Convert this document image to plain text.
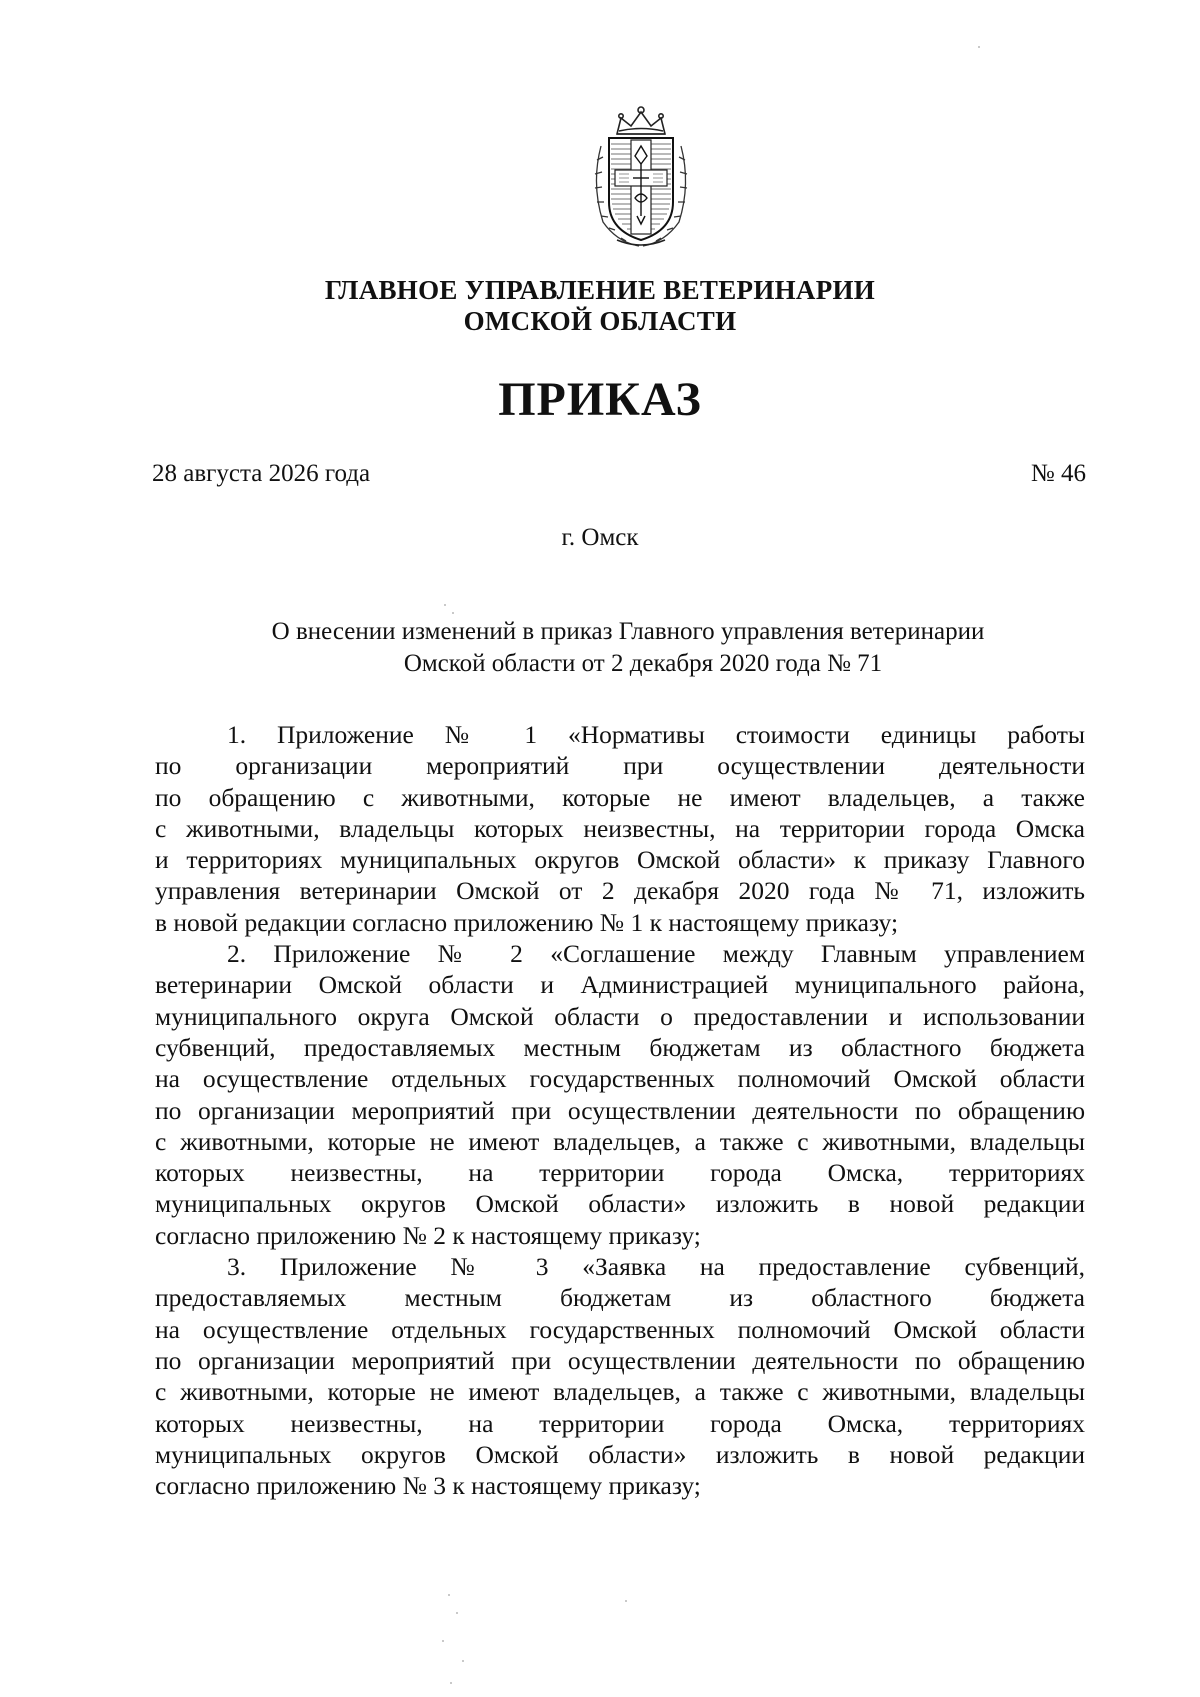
ГЛАВНОЕ УПРАВЛЕНИЕ ВЕТЕРИНАРИИ
ОМСКОЙ ОБЛАСТИ
ПРИКАЗ
28 августа 2026 года	№ 46
г. Омск
О внесении изменений в приказ Главного управления ветеринарии
Омской области от 2 декабря 2020 года № 71
1. Приложение № 1 «Нормативы стоимости единицы работы
по организации мероприятий при осуществлении деятельности
по обращению с животными, которые не имеют владельцев, а также
с животными, владельцы которых неизвестны, на территории города Омска
и территориях муниципальных округов Омской области» к приказу Главного
управления ветеринарии Омской от 2 декабря 2020 года № 71, изложить
в новой редакции согласно приложению № 1 к настоящему приказу;
2. Приложение № 2 «Соглашение между Главным управлением
ветеринарии Омской области и Администрацией муниципального района,
муниципального округа Омской области о предоставлении и использовании
субвенций, предоставляемых местным бюджетам из областного бюджета
на осуществление отдельных государственных полномочий Омской области
по организации мероприятий при осуществлении деятельности по обращению
с животными, которые не имеют владельцев, а также с животными, владельцы
которых неизвестны, на территории города Омска, территориях
муниципальных округов Омской области» изложить в новой редакции
согласно приложению № 2 к настоящему приказу;
3. Приложение № 3 «Заявка на предоставление субвенций,
предоставляемых местным бюджетам из областного бюджета
на осуществление отдельных государственных полномочий Омской области
по организации мероприятий при осуществлении деятельности по обращению
с животными, которые не имеют владельцев, а также с животными, владельцы
которых неизвестны, на территории города Омска, территориях
муниципальных округов Омской области» изложить в новой редакции
согласно приложению № 3 к настоящему приказу;
